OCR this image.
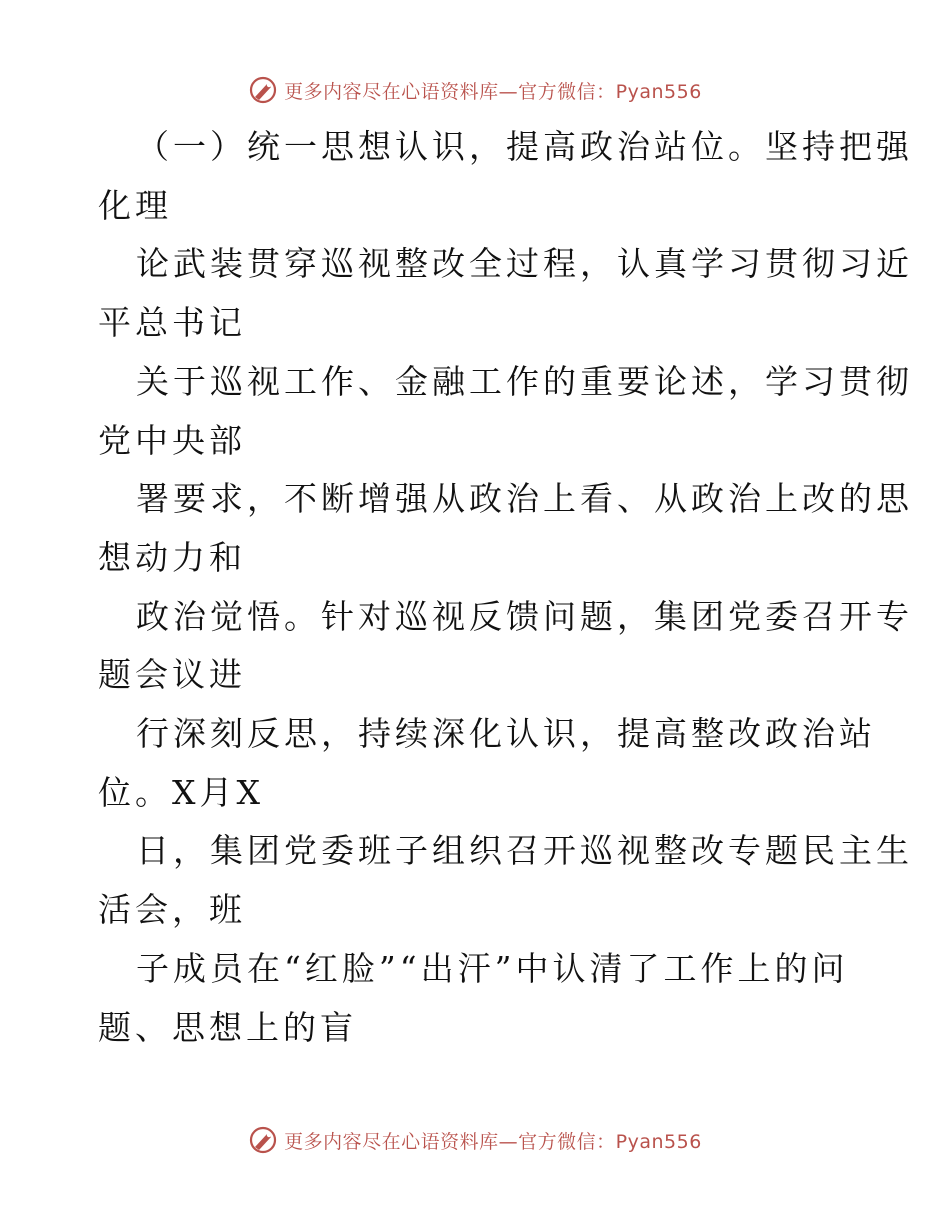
更多内容尽在心语资料库—官方微信：Pyan556
（一）统一思想认识，提高政治站位。坚持把强
化理
论武装贯穿巡视整改全过程，认真学习贯彻习近
平总书记
关于巡视工作、金融工作的重要论述，学习贯彻
党中央部
署要求，不断增强从政治上看、从政治上改的思
想动力和
政治觉悟。针对巡视反馈问题，集团党委召开专
题会议进
行深刻反思，持续深化认识，提高整改政治站
位。X月X
日，集团党委班子组织召开巡视整改专题民主生
活会，班
子成员在“红脸”“出汗”中认清了工作上的问
题、思想上的盲
更多内容尽在心语资料库—官方微信：Pyan556
